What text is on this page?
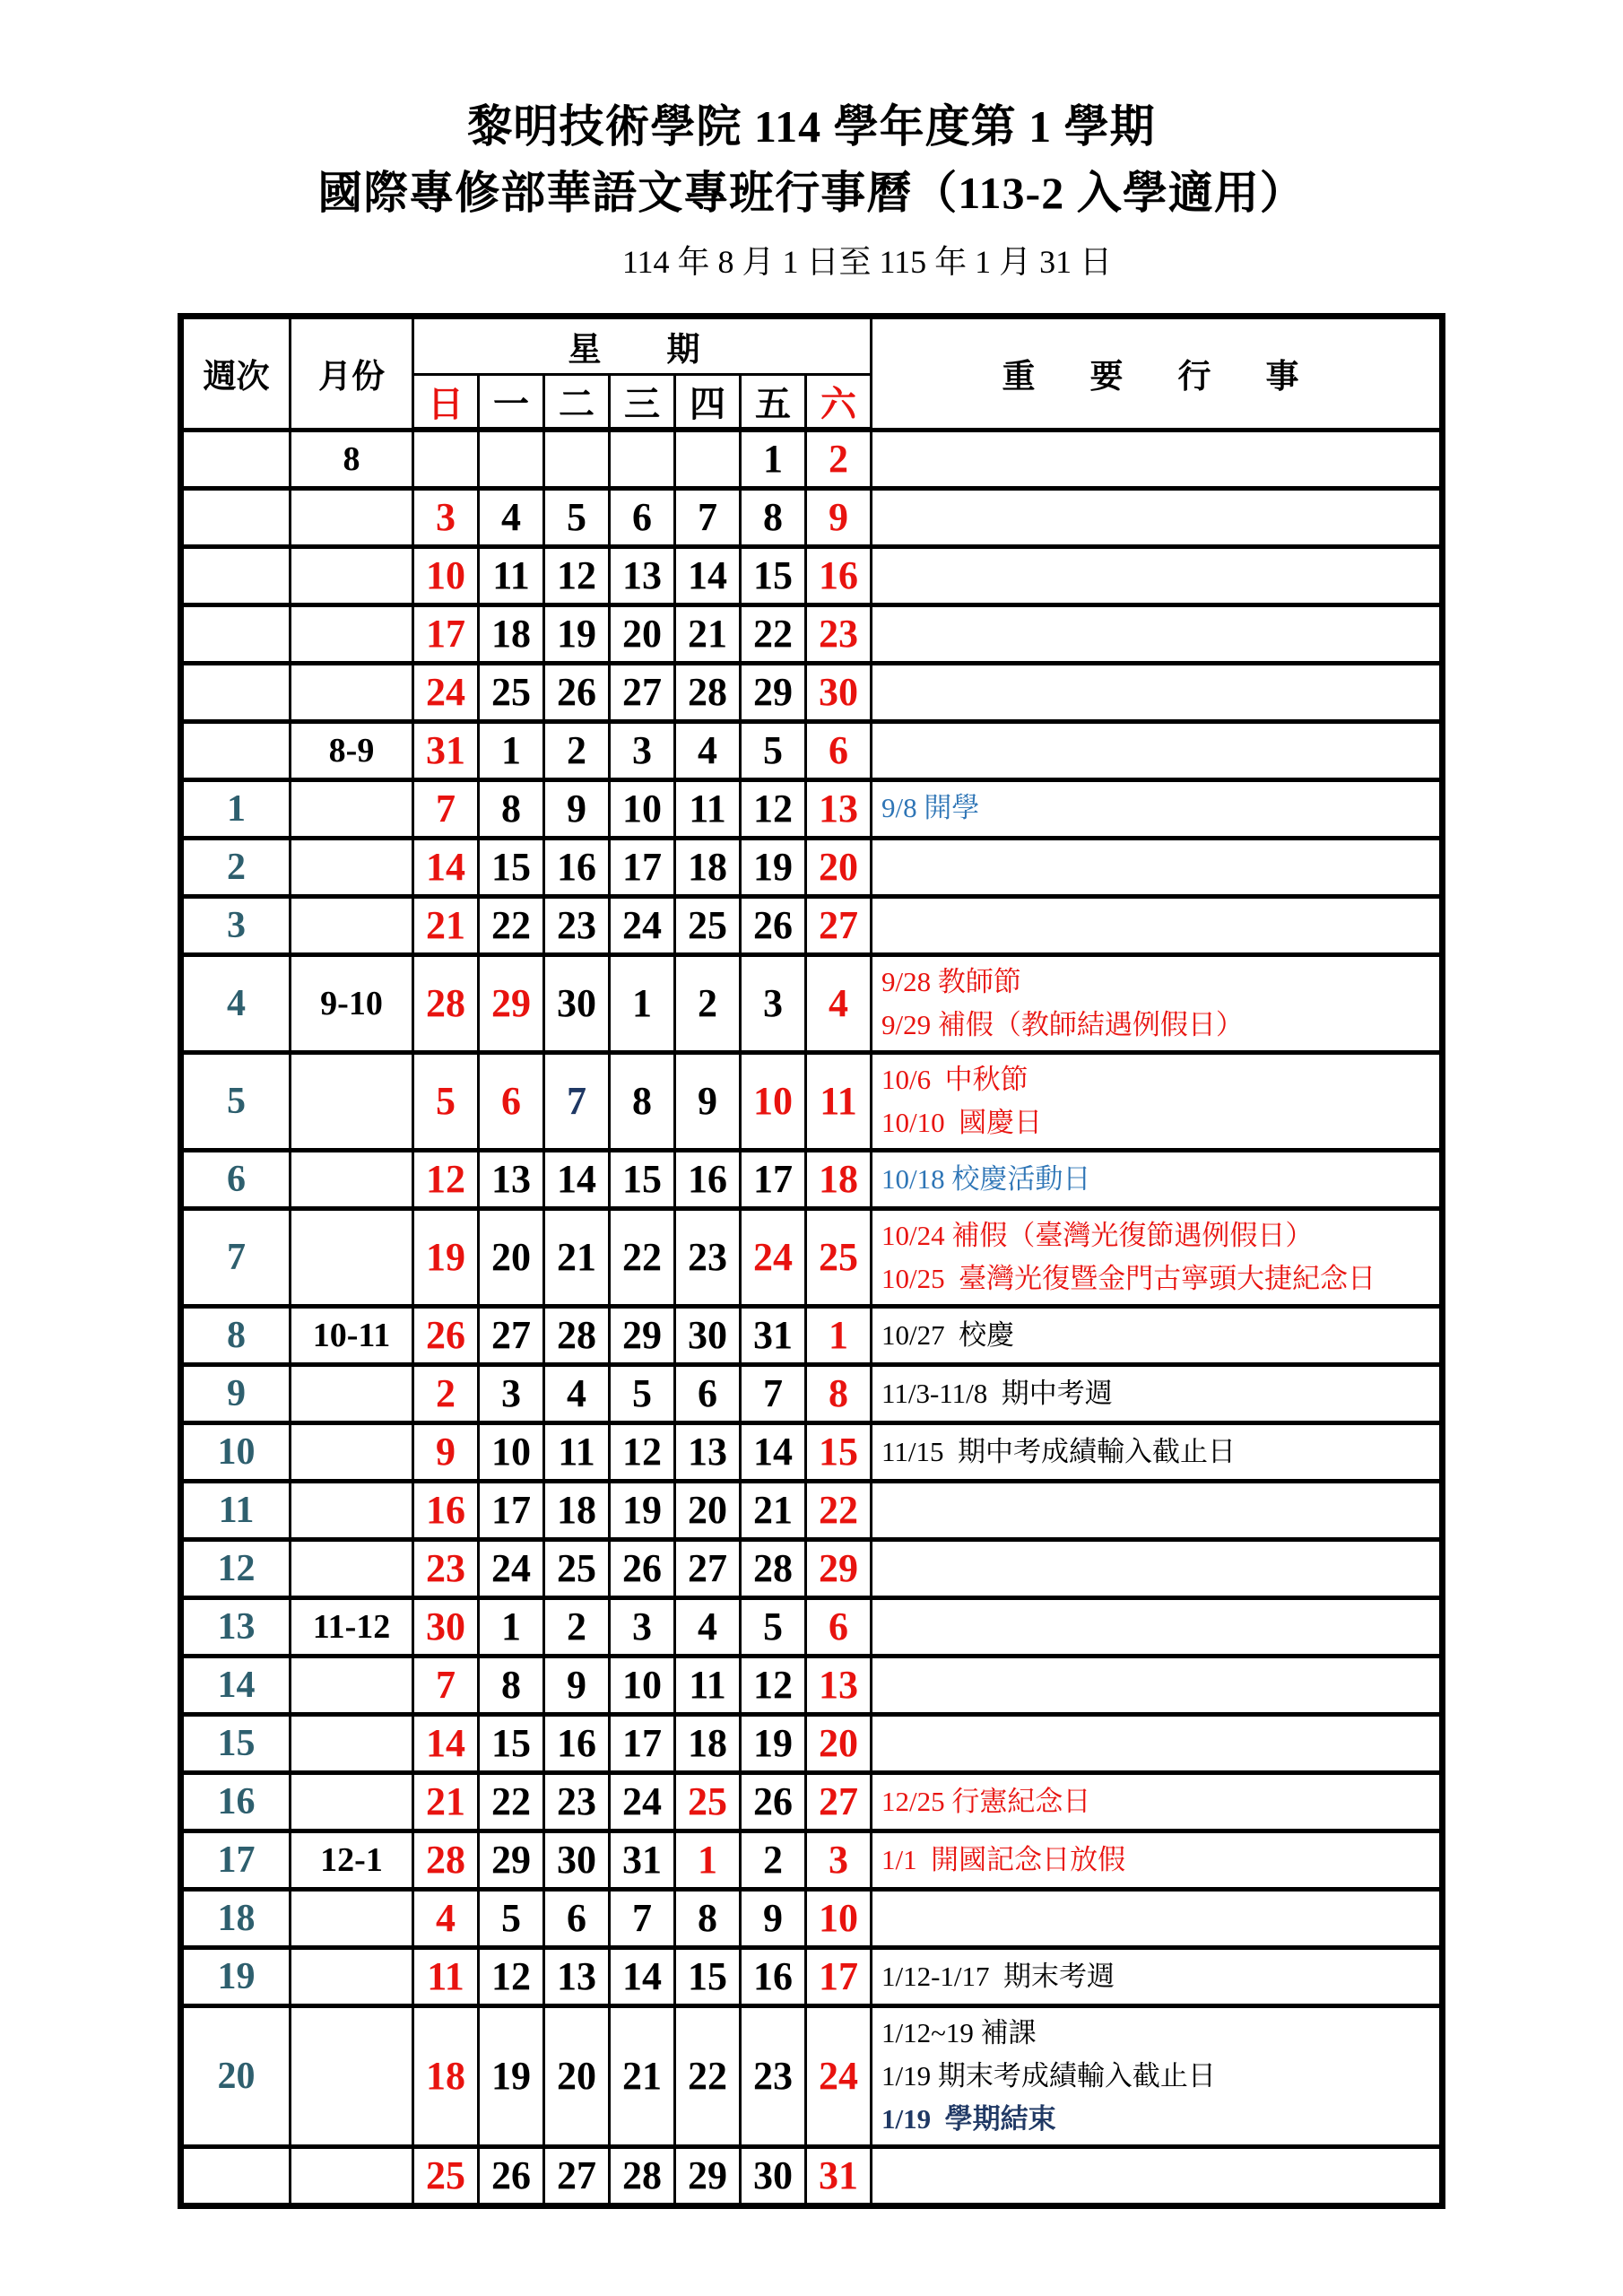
黎明技術學院 114 學年度第 1 學期
國際專修部華語文專班行事曆（113-2 入學適用）
114 年 8 月 1 日至 115 年 1 月 31 日
週次	月份	星　期							重　要　行　事
		日	一	二	三	四	五	六	
	8						1	2	
		3	4	5	6	7	8	9	
		10	11	12	13	14	15	16	
		17	18	19	20	21	22	23	
		24	25	26	27	28	29	30	
	8-9	31	1	2	3	4	5	6	
1		7	8	9	10	11	12	13	9/8 開學

2		14	15	16	17	18	19	20	
3		21	22	23	24	25	26	27	
4	9-10	28	29	30	1	2	3	4	9/28 教師節
9/29 補假（教師結遇例假日）

5		5	6	7	8	9	10	11	10/6  中秋節
10/10  國慶日

6		12	13	14	15	16	17	18	10/18 校慶活動日

7		19	20	21	22	23	24	25	10/24 補假（臺灣光復節遇例假日）
10/25  臺灣光復暨金門古寧頭大捷紀念日

8	10-11	26	27	28	29	30	31	1	10/27  校慶

9		2	3	4	5	6	7	8	11/3-11/8  期中考週

10		9	10	11	12	13	14	15	11/15  期中考成績輸入截止日

11		16	17	18	19	20	21	22	
12		23	24	25	26	27	28	29	
13	11-12	30	1	2	3	4	5	6	
14		7	8	9	10	11	12	13	
15		14	15	16	17	18	19	20	
16		21	22	23	24	25	26	27	12/25 行憲紀念日

17	12-1	28	29	30	31	1	2	3	1/1  開國記念日放假

18		4	5	6	7	8	9	10	
19		11	12	13	14	15	16	17	1/12-1/17  期末考週

20		18	19	20	21	22	23	24	1/12~19 補課
1/19 期末考成績輸入截止日
1/19  學期結束

		25	26	27	28	29	30	31	
